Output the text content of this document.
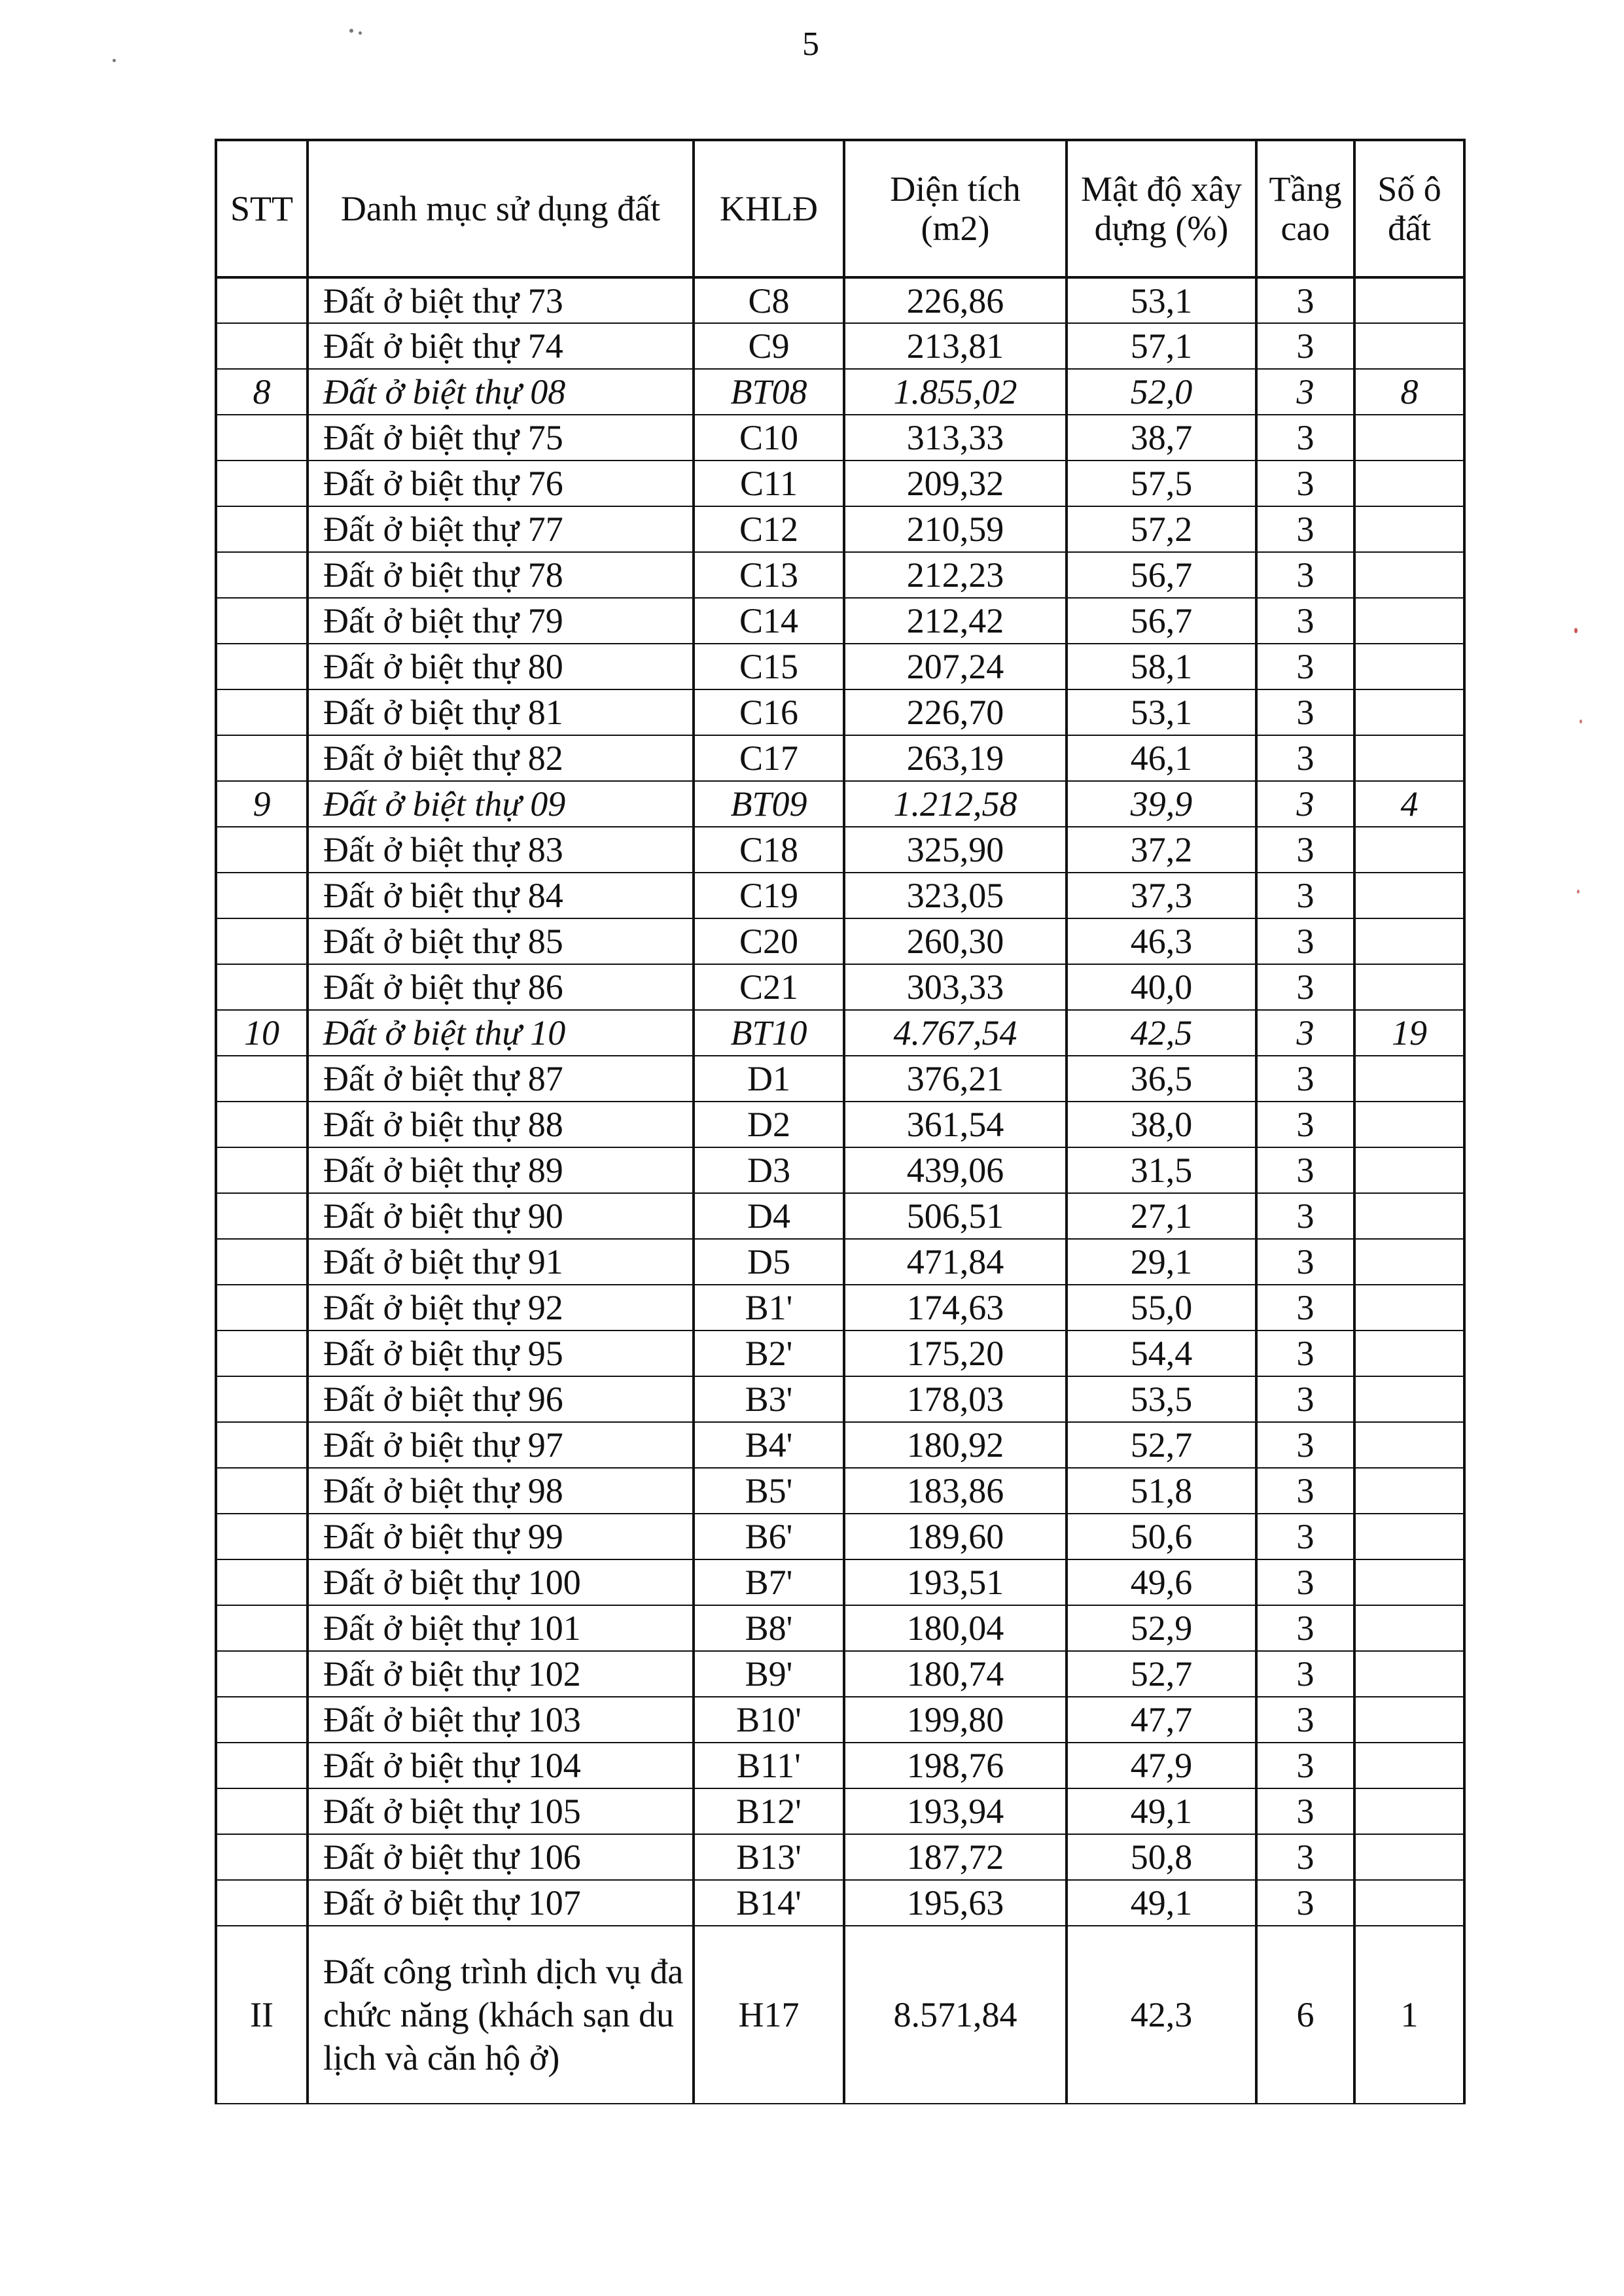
5
STT	Danh mục sử dụng đất	KHLĐ	Diện tích (m2)	Mật độ xây dựng (%)	Tầng cao	Số ô đất
	Đất ở biệt thự 73	C8	226,86	53,1	3	
	Đất ở biệt thự 74	C9	213,81	57,1	3	
8	Đất ở biệt thự 08	BT08	1.855,02	52,0	3	8
	Đất ở biệt thự 75	C10	313,33	38,7	3	
	Đất ở biệt thự 76	C11	209,32	57,5	3	
	Đất ở biệt thự 77	C12	210,59	57,2	3	
	Đất ở biệt thự 78	C13	212,23	56,7	3	
	Đất ở biệt thự 79	C14	212,42	56,7	3	
	Đất ở biệt thự 80	C15	207,24	58,1	3	
	Đất ở biệt thự 81	C16	226,70	53,1	3	
	Đất ở biệt thự 82	C17	263,19	46,1	3	
9	Đất ở biệt thự 09	BT09	1.212,58	39,9	3	4
	Đất ở biệt thự 83	C18	325,90	37,2	3	
	Đất ở biệt thự 84	C19	323,05	37,3	3	
	Đất ở biệt thự 85	C20	260,30	46,3	3	
	Đất ở biệt thự 86	C21	303,33	40,0	3	
10	Đất ở biệt thự 10	BT10	4.767,54	42,5	3	19
	Đất ở biệt thự 87	D1	376,21	36,5	3	
	Đất ở biệt thự 88	D2	361,54	38,0	3	
	Đất ở biệt thự 89	D3	439,06	31,5	3	
	Đất ở biệt thự 90	D4	506,51	27,1	3	
	Đất ở biệt thự 91	D5	471,84	29,1	3	
	Đất ở biệt thự 92	B1'	174,63	55,0	3	
	Đất ở biệt thự 95	B2'	175,20	54,4	3	
	Đất ở biệt thự 96	B3'	178,03	53,5	3	
	Đất ở biệt thự 97	B4'	180,92	52,7	3	
	Đất ở biệt thự 98	B5'	183,86	51,8	3	
	Đất ở biệt thự 99	B6'	189,60	50,6	3	
	Đất ở biệt thự 100	B7'	193,51	49,6	3	
	Đất ở biệt thự 101	B8'	180,04	52,9	3	
	Đất ở biệt thự 102	B9'	180,74	52,7	3	
	Đất ở biệt thự 103	B10'	199,80	47,7	3	
	Đất ở biệt thự 104	B11'	198,76	47,9	3	
	Đất ở biệt thự 105	B12'	193,94	49,1	3	
	Đất ở biệt thự 106	B13'	187,72	50,8	3	
	Đất ở biệt thự 107	B14'	195,63	49,1	3	
II	Đất công trình dịch vụ đa chức năng (khách sạn du lịch và căn hộ ở)	H17	8.571,84	42,3	6	1
